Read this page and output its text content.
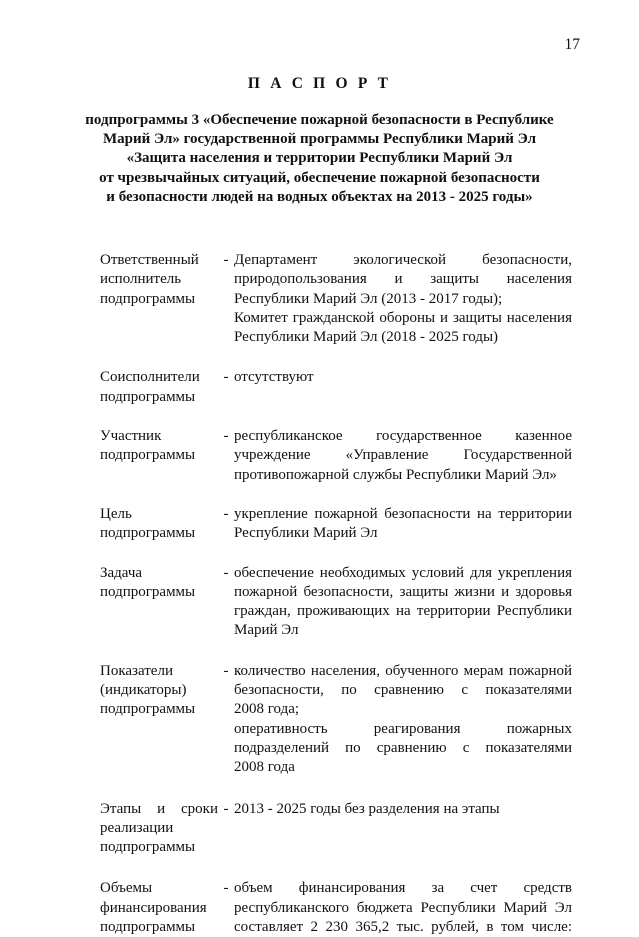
17
П А С П О Р Т
подпрограммы 3 «Обеспечение пожарной безопасности в Республике
Марий Эл» государственной программы Республики Марий Эл
«Защита населения и территории Республики Марий Эл
от чрезвычайных ситуаций, обеспечение пожарной безопасности
и безопасности людей на водных объектах на 2013 - 2025 годы»
Ответственный
исполнитель
подпрограммы
- Департамент экологической безопасности,
природопользования и защиты населения
Республики Марий Эл (2013 - 2017 годы);
Комитет гражданской обороны и защиты населения
Республики Марий Эл (2018 - 2025 годы)
Соисполнители
подпрограммы
- отсутствуют
Участник
подпрограммы
- республиканское государственное казенное
учреждение «Управление Государственной
противопожарной службы Республики Марий Эл»
Цель
подпрограммы
- укрепление пожарной безопасности на территории
Республики Марий Эл
Задача
подпрограммы
- обеспечение необходимых условий для укрепления
пожарной безопасности, защиты жизни и здоровья
граждан, проживающих на территории Республики
Марий Эл
Показатели
(индикаторы)
подпрограммы
- количество населения, обученного мерам пожарной
безопасности, по сравнению с показателями
2008 года;
оперативность реагирования пожарных
подразделений по сравнению с показателями
2008 года
Этапы и сроки
реализации
подпрограммы
- 2013 - 2025 годы без разделения на этапы
Объемы
финансирования
подпрограммы
- объем финансирования за счет средств
республиканского бюджета Республики Марий Эл
составляет 2 230 365,2 тыс. рублей, в том числе:
